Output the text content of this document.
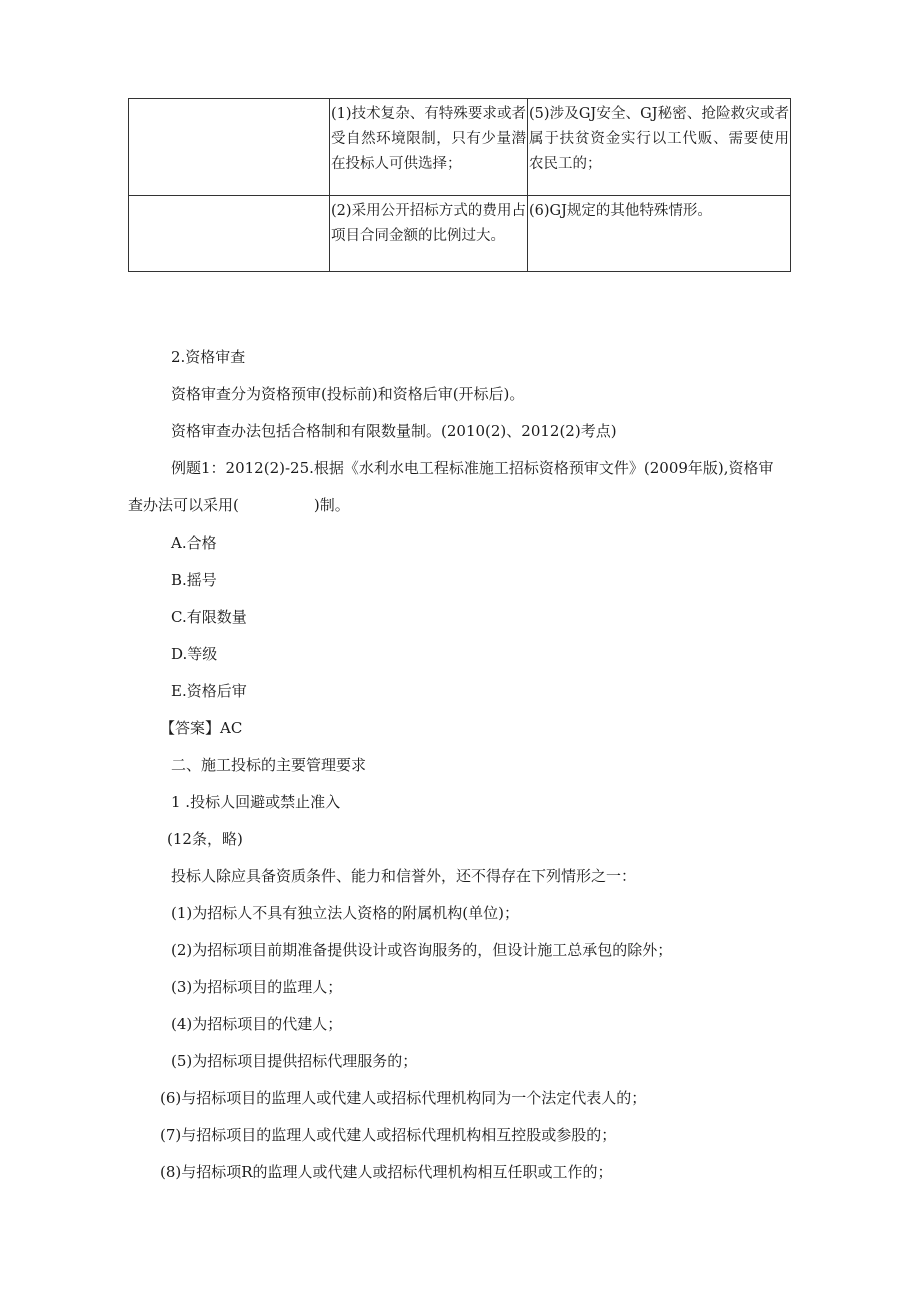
	(1)技术复杂、有特殊要求或者受自然环境限制，只有少量潜在投标人可供选择；	(5)涉及GJ安全、GJ秘密、抢险救灾或者属于扶贫资金实行以工代贩、需要使用农民工的；
	(2)采用公开招标方式的费用占项目合同金额的比例过大。	(6)GJ规定的其他特殊情形。
2.资格审查
资格审查分为资格预审(投标前)和资格后审(开标后)。
资格审查办法包括合格制和有限数量制。(2010(2)、2012(2)考点)
例题1：2012(2)-25.根据《水利水电工程标准施工招标资格预审文件》(2009年版),资格审
查办法可以采用(　　　　　)制。
A.合格
B.摇号
C.有限数量
D.等级
E.资格后审
【答案】AC
二、施工投标的主要管理要求
1 .投标人回避或禁止准入
(12条，略)
投标人除应具备资质条件、能力和信誉外，还不得存在下列情形之一：
(1)为招标人不具有独立法人资格的附属机构(单位)；
(2)为招标项目前期准备提供设计或咨询服务的，但设计施工总承包的除外；
(3)为招标项目的监理人；
(4)为招标项目的代建人；
(5)为招标项目提供招标代理服务的；
(6)与招标项目的监理人或代建人或招标代理机构同为一个法定代表人的；
(7)与招标项目的监理人或代建人或招标代理机构相互控股或参股的；
(8)与招标项R的监理人或代建人或招标代理机构相互任职或工作的；
